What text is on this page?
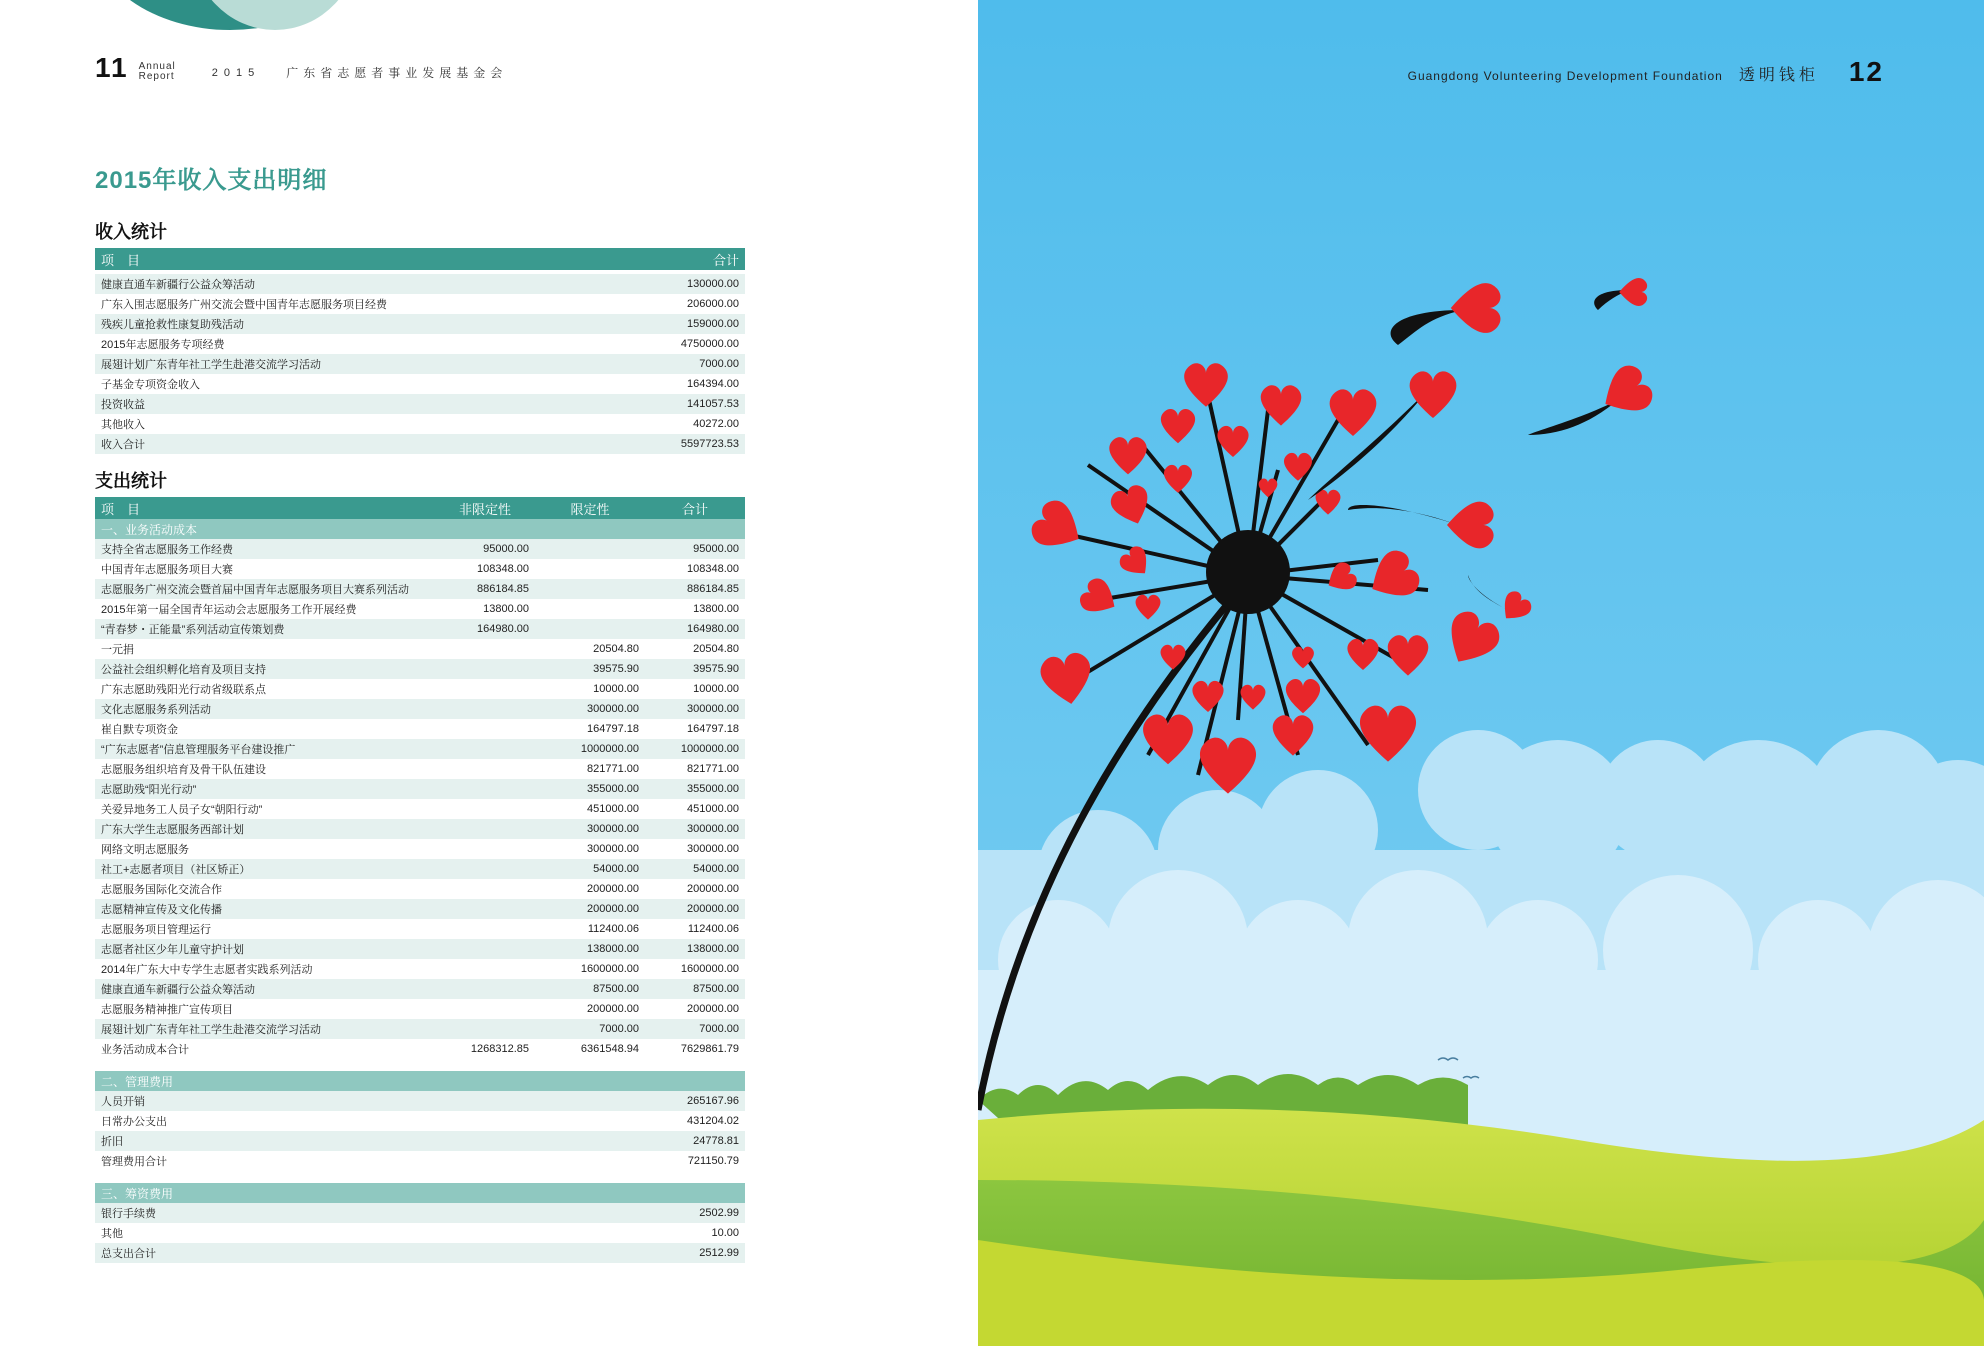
11 Annual
Report	2015 广东省志愿者事业发展基金会
2015年收入支出明细
收入统计
项　目	合计

健康直通车新疆行公益众筹活动	130000.00
广东入围志愿服务广州交流会暨中国青年志愿服务项目经费	206000.00
残疾儿童抢救性康复助残活动	159000.00
2015年志愿服务专项经费	4750000.00
展翅计划广东青年社工学生赴港交流学习活动	7000.00
子基金专项资金收入	164394.00
投资收益	141057.53
其他收入	40272.00
收入合计	5597723.53
支出统计
项　目	非限定性	限定性	合计
一、业务活动成本			
支持全省志愿服务工作经费	95000.00		95000.00
中国青年志愿服务项目大赛	108348.00		108348.00
志愿服务广州交流会暨首届中国青年志愿服务项目大赛系列活动	886184.85		886184.85
2015年第一届全国青年运动会志愿服务工作开展经费	13800.00		13800.00
“青春梦・正能量”系列活动宣传策划费	164980.00		164980.00
一元捐		20504.80	20504.80
公益社会组织孵化培育及项目支持		39575.90	39575.90
广东志愿助残阳光行动省级联系点		10000.00	10000.00
文化志愿服务系列活动		300000.00	300000.00
崔自默专项资金		164797.18	164797.18
“广东志愿者”信息管理服务平台建设推广		1000000.00	1000000.00
志愿服务组织培育及骨干队伍建设		821771.00	821771.00
志愿助残“阳光行动”		355000.00	355000.00
关爱异地务工人员子女“朝阳行动”		451000.00	451000.00
广东大学生志愿服务西部计划		300000.00	300000.00
网络文明志愿服务		300000.00	300000.00
社工+志愿者项目（社区矫正）		54000.00	54000.00
志愿服务国际化交流合作		200000.00	200000.00
志愿精神宣传及文化传播		200000.00	200000.00
志愿服务项目管理运行		112400.06	112400.06
志愿者社区少年儿童守护计划		138000.00	138000.00
2014年广东大中专学生志愿者实践系列活动		1600000.00	1600000.00
健康直通车新疆行公益众筹活动		87500.00	87500.00
志愿服务精神推广宣传项目		200000.00	200000.00
展翅计划广东青年社工学生赴港交流学习活动		7000.00	7000.00
业务活动成本合计	1268312.85	6361548.94	7629861.79

二、管理费用			
人员开销			265167.96
日常办公支出			431204.02
折旧			24778.81
管理费用合计			721150.79

三、筹资费用			
银行手续费			2502.99
其他			10.00
总支出合计			2512.99
Guangdong Volunteering Development Foundation 透明钱柜 12
